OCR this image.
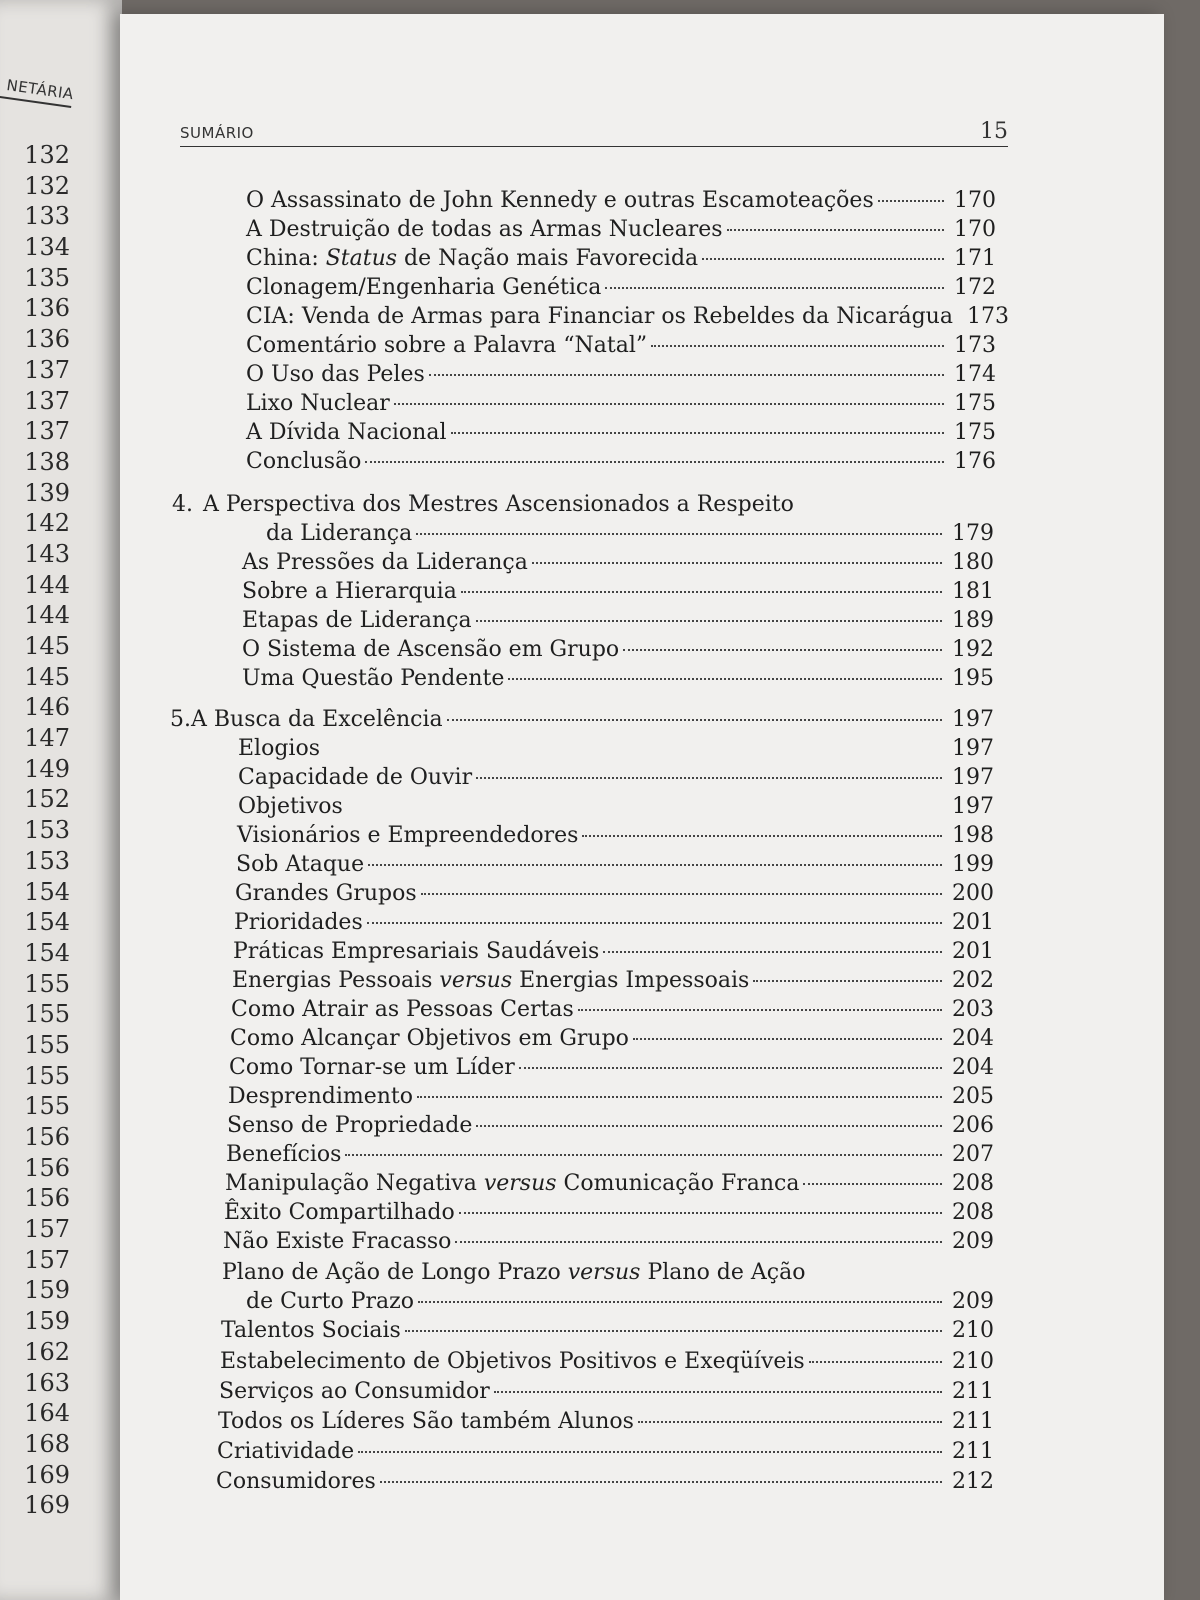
NETÁRIA
132
132
133
134
135
136
136
137
137
137
138
139
142
143
144
144
145
145
146
147
149
152
153
153
154
154
154
155
155
155
155
155
156
156
156
157
157
159
159
162
163
164
168
169
169
SUMÁRIO	15
O Assassinato de John Kennedy e outras Escamoteações	170
A Destruição de todas as Armas Nucleares	170
China: Status de Nação mais Favorecida	171
Clonagem/Engenharia Genética	172
CIA: Venda de Armas para Financiar os Rebeldes da Nicarágua 173
Comentário sobre a Palavra “Natal”	173
O Uso das Peles	174
Lixo Nuclear	175
A Dívida Nacional	175
Conclusão	176
4. A Perspectiva dos Mestres Ascensionados a Respeito
da Liderança	179
As Pressões da Liderança	180
Sobre a Hierarquia	181
Etapas de Liderança	189
O Sistema de Ascensão em Grupo	192
Uma Questão Pendente	195
5.A Busca da Excelência	197
Elogios	197
Capacidade de Ouvir	197
Objetivos	197
Visionários e Empreendedores	198
Sob Ataque	199
Grandes Grupos	200
Prioridades	201
Práticas Empresariais Saudáveis	201
Energias Pessoais versus Energias Impessoais	202
Como Atrair as Pessoas Certas	203
Como Alcançar Objetivos em Grupo	204
Como Tornar-se um Líder	204
Desprendimento	205
Senso de Propriedade	206
Benefícios	207
Manipulação Negativa versus Comunicação Franca	208
Êxito Compartilhado	208
Não Existe Fracasso	209
Plano de Ação de Longo Prazo versus Plano de Ação
de Curto Prazo	209
Talentos Sociais	210
Estabelecimento de Objetivos Positivos e Exeqüíveis	210
Serviços ao Consumidor	211
Todos os Líderes São também Alunos	211
Criatividade	211
Consumidores	212
